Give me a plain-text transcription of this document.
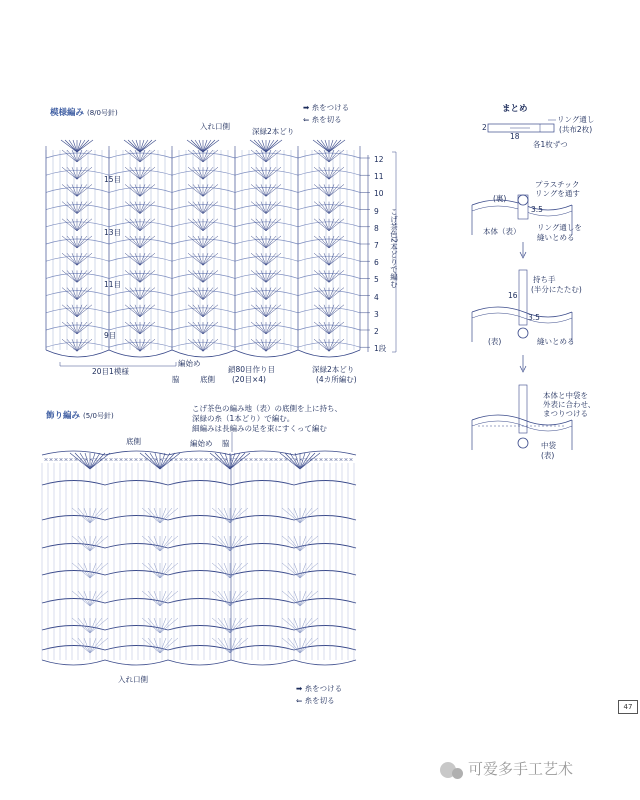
模様編み (8/0号針)
➡ 糸をつける
⇐ 糸を切る
入れ口側
深緑2本どり
15目
13目
11目
9目
12
11
10
9
8
7
6
5
4
3
2
1段
こげ茶色2本どりで編む
20目1模様
編始め
脇	底側
鎖80目作り目
(20目×4)
深緑2本どり
(4カ所編む)
飾り編み (5/0号針)
こげ茶色の編み地（表）の底側を上に持ち、
深緑の糸（1本どり）で編む。
細編みは長編みの足を束にすくって編む
底側	編始め 脇
入れ口側
➡ 糸をつける
⇐ 糸を切る
まとめ
リング通し
(共布2枚)
2
18
各1枚ずつ
(裏)
プラスチック
リングを通す
3.5
本体（表） リング通しを
縫いとめる
持ち手
(半分にたたむ)
16
3.5
(表)	縫いとめる
本体と中袋を
外表に合わせ、
まつりつける
中袋
(表)
47
可爱多手工艺术
